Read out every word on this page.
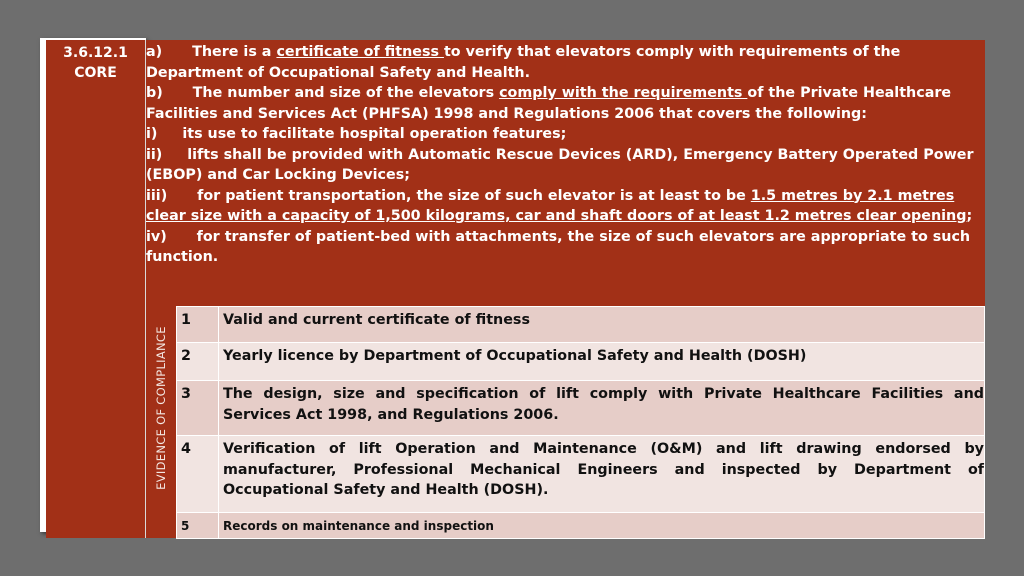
3.6.12.1
CORE

a) There is a certificate of fitness to verify that elevators comply with requirements of the Department of Occupational Safety and Health.

b) The number and size of the elevators comply with the requirements of the Private Healthcare Facilities and Services Act (PHFSA) 1998 and Regulations 2006 that covers the following:

i) its use to facilitate hospital operation features;

ii) lifts shall be provided with Automatic Rescue Devices (ARD), Emergency Battery Operated Power (EBOP) and Car Locking Devices;

iii) for patient transportation, the size of such elevator is at least to be 1.5 metres by 2.1 metres clear size with a capacity of 1,500 kilograms, car and shaft doors of at least 1.2 metres clear opening;

iv) for transfer of patient-bed with attachments, the size of such elevators are appropriate to such function.

EVIDENCE OF COMPLIANCE
1	Valid and current certificate of fitness
2	Yearly licence by Department of Occupational Safety and Health (DOSH)
3	The design, size and specification of lift comply with Private Healthcare Facilities and Services Act 1998, and Regulations 2006.
4	Verification of lift Operation and Maintenance (O&M) and lift drawing endorsed by manufacturer, Professional Mechanical Engineers and inspected by Department of Occupational Safety and Health (DOSH).
5	Records on maintenance and inspection
